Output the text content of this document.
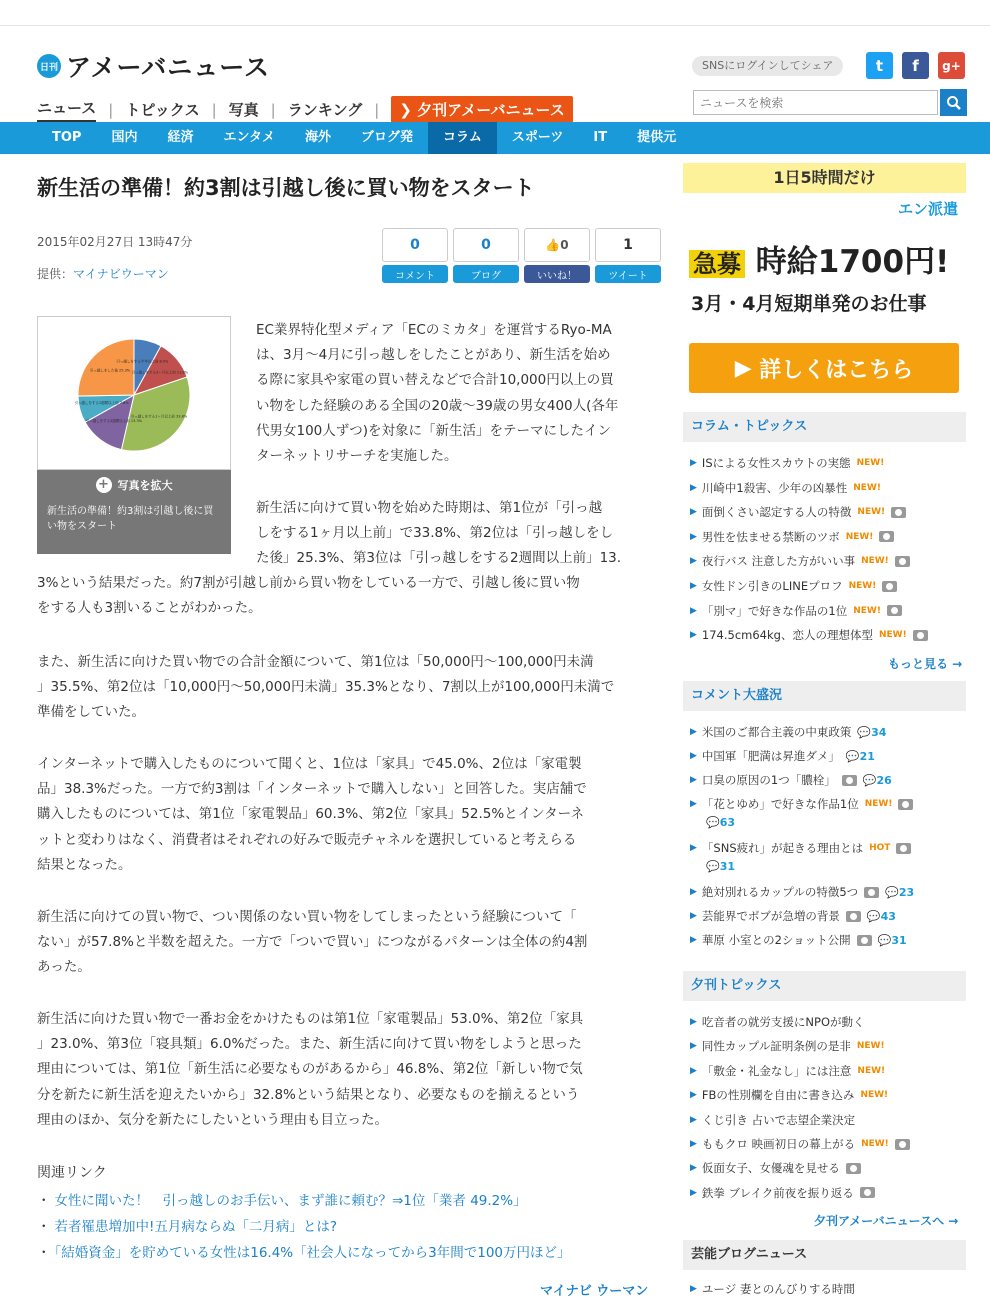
日刊 アメーバニュース
ニュース | トピックス | 写真 | ランキング |	❯ 夕刊アメーバニュース
SNSにログインしてシェア	t	f	g+
ニュースを検索
TOP	国内	経済	エンタメ	海外	ブログ発	コラム	スポーツ	IT	提供元
新生活の準備！約3割は引越し後に買い物をスタート
2015年02月27日 13時47分
提供：マイナビウーマン
0
コメント
0
ブログ
👍 0
いいね！
1
ツイート
引っ越しをする半年以上前 8.0%
引っ越しをする3ヶ月以上前 11.8%
引っ越しをする1ヶ月以上前 33.8%
引っ越しをする2週間以上前 13.3%
引っ越しをする1週間以上前 7.8%
引っ越しをした後 25.3%
+ 写真を拡大
新生活の準備！約3割は引越し後に買い物をスタート
EC業界特化型メディア「ECのミカタ」を運営するRyo-MA
は、3月〜4月に引っ越しをしたことがあり、新生活を始め
る際に家具や家電の買い替えなどで合計10,000円以上の買
い物をした経験のある全国の20歳〜39歳の男女400人(各年
代男女100人ずつ)を対象に「新生活」をテーマにしたイン
ターネットリサーチを実施した。
新生活に向けて買い物を始めた時期は、第1位が「引っ越
しをする1ヶ月以上前」で33.8%、第2位は「引っ越しをし
た後」25.3%、第3位は「引っ越しをする2週間以上前」13.
3%という結果だった。約7割が引越し前から買い物をしている一方で、引越し後に買い物
をする人も3割いることがわかった。
また、新生活に向けた買い物での合計金額について、第1位は「50,000円〜100,000円未満
」35.5%、第2位は「10,000円〜50,000円未満」35.3%となり、7割以上が100,000円未満で
準備をしていた。
インターネットで購入したものについて聞くと、1位は「家具」で45.0%、2位は「家電製
品」38.3%だった。一方で約3割は「インターネットで購入しない」と回答した。実店舗で
購入したものについては、第1位「家電製品」60.3%、第2位「家具」52.5%とインターネ
ットと変わりはなく、消費者はそれぞれの好みで販売チャネルを選択していると考えらる
結果となった。
新生活に向けての買い物で、つい関係のない買い物をしてしまったという経験について「
ない」が57.8%と半数を超えた。一方で「ついで買い」につながるパターンは全体の約4割
あった。
新生活に向けた買い物で一番お金をかけたものは第1位「家電製品」53.0%、第2位「家具
」23.0%、第3位「寝具類」6.0%だった。また、新生活に向けて買い物をしようと思った
理由については、第1位「新生活に必要なものがあるから」46.8%、第2位「新しい物で気
分を新たに新生活を迎えたいから」32.8%という結果となり、必要なものを揃えるという
理由のほか、気分を新たにしたいという理由も目立った。
関連リンク
・ 女性に聞いた！　引っ越しのお手伝い、まず誰に頼む？⇒1位「業者 49.2%」
・ 若者罹患増加中!五月病ならぬ「二月病」とは?
・ 「結婚資金」を貯めている女性は16.4%「社会人になってから3年間で100万円ほど」
マイナビ ウーマン
1日5時間だけ
エン派遣
急募 時給1700円!
3月・4月短期単発のお仕事
▶ 詳しくはこちら
コラム・トピックス
▶ ISによる女性スカウトの実態 NEW!
▶ 川崎中1殺害、少年の凶暴性 NEW!
▶ 面倒くさい認定する人の特徴 NEW!
▶ 男性を怯ませる禁断のツボ NEW!
▶ 夜行バス 注意した方がいい事 NEW!
▶ 女性ドン引きのLINEプロフ NEW!
▶ 「別マ」で好きな作品の1位 NEW!
▶ 174.5cm64kg、恋人の理想体型 NEW!
もっと見る →
コメント大盛況
▶ 米国のご都合主義の中東政策 💬34
▶ 中国軍「肥満は昇進ダメ」 💬21
▶ 口臭の原因の1つ「膿栓」 💬26
▶ 「花とゆめ」で好きな作品1位 NEW!
💬63
▶ 「SNS疲れ」が起きる理由とは HOT
💬31
▶ 絶対別れるカップルの特徴5つ 💬23
▶ 芸能界でボブが急増の背景 💬43
▶ 華原 小室との2ショット公開 💬31
夕刊トピックス
▶ 吃音者の就労支援にNPOが動く
▶ 同性カップル証明条例の是非 NEW!
▶ 「敷金・礼金なし」には注意 NEW!
▶ FBの性別欄を自由に書き込み NEW!
▶ くじ引き 占いで志望企業決定
▶ ももクロ 映画初日の幕上がる NEW!
▶ 仮面女子、女優魂を見せる
▶ 鉄拳 ブレイク前夜を振り返る
夕刊アメーバニュースへ →
芸能ブログニュース
▶ ユージ 妻とのんびりする時間
